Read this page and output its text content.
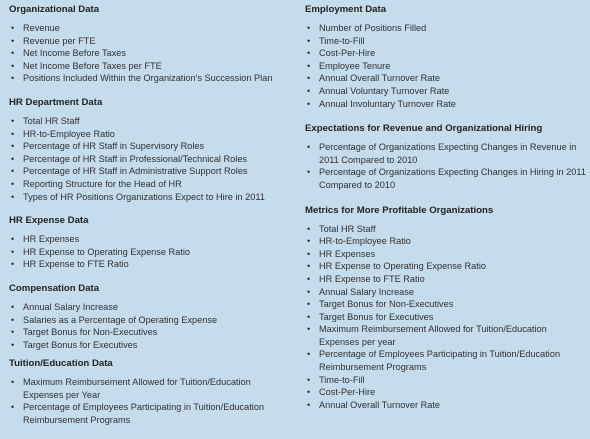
Organizational Data
• Revenue
• Revenue per FTE
• Net Income Before Taxes
• Net Income Before Taxes per FTE
• Positions Included Within the Organization's Succession Plan
HR Department Data
• Total HR Staff
• HR-to-Employee Ratio
• Percentage of HR Staff in Supervisory Roles
• Percentage of HR Staff in Professional/Technical Roles
• Percentage of HR Staff in Administrative Support Roles
• Reporting Structure for the Head of HR
• Types of HR Positions Organizations Expect to Hire in 2011
HR Expense Data
• HR Expenses
• HR Expense to Operating Expense Ratio
• HR Expense to FTE Ratio
Compensation Data
• Annual Salary Increase
• Salaries as a Percentage of Operating Expense
• Target Bonus for Non-Executives
• Target Bonus for Executives
Tuition/Education Data
• Maximum Reimbursement Allowed for Tuition/Education Expenses per Year
• Percentage of Employees Participating in Tuition/Education Reimbursement Programs
Employment Data
• Number of Positions Filled
• Time-to-Fill
• Cost-Per-Hire
• Employee Tenure
• Annual Overall Turnover Rate
• Annual Voluntary Turnover Rate
• Annual Involuntary Turnover Rate
Expectations for Revenue and Organizational Hiring
• Percentage of Organizations Expecting Changes in Revenue in 2011 Compared to 2010
• Percentage of Organizations Expecting Changes in Hiring in 2011 Compared to 2010
Metrics for More Profitable Organizations
• Total HR Staff
• HR-to-Employee Ratio
• HR Expenses
• HR Expense to Operating Expense Ratio
• HR Expense to FTE Ratio
• Annual Salary Increase
• Target Bonus for Non-Executives
• Target Bonus for Executives
• Maximum Reimbursement Allowed for Tuition/Education Expenses per year
• Percentage of Employees Participating in Tuition/Education Reimbursement Programs
• Time-to-Fill
• Cost-Per-Hire
• Annual Overall Turnover Rate
